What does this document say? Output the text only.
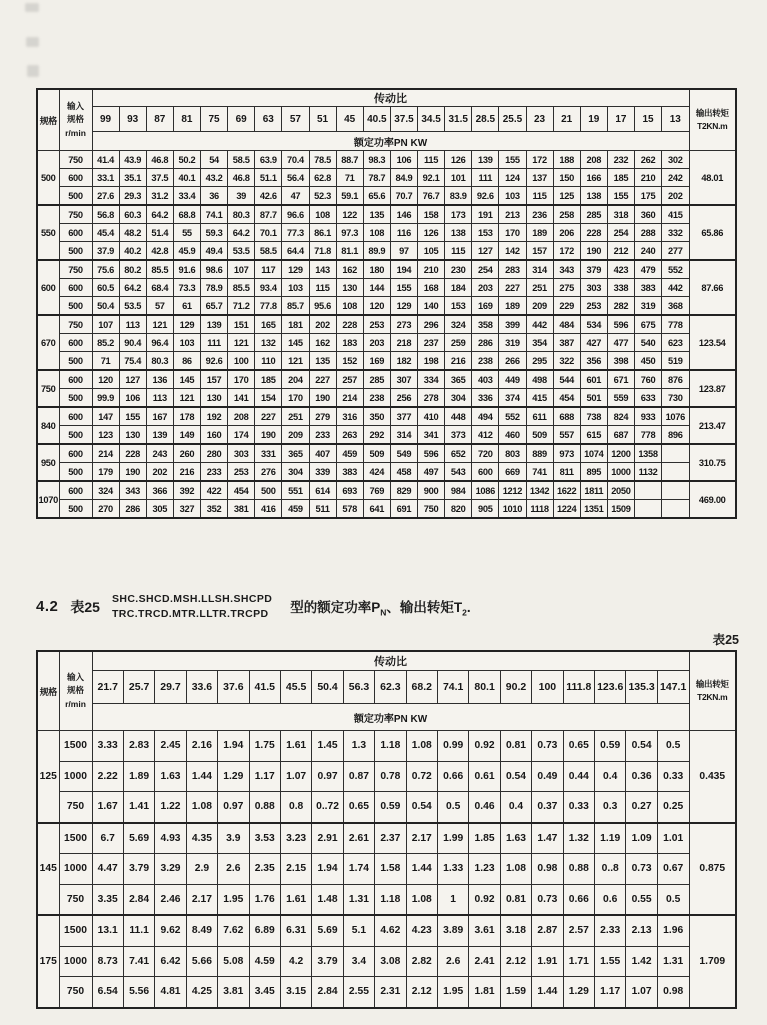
规格	
输入
规格
r/min
	传动比	
输出转矩
T2KN.m

		99	93	87	81	75	69	63	57	51	45	40.5	37.5	34.5	31.5	28.5	25.5	23	21	19	17	15	13	
		额定功率PN KW																						
500	750	41.4	43.9	46.8	50.2	54	58.5	63.9	70.4	78.5	88.7	98.3	106	115	126	139	155	172	188	208	232	262	302	48.01
	600	33.1	35.1	37.5	40.1	43.2	46.8	51.1	56.4	62.8	71	78.7	84.9	92.1	101	111	124	137	150	166	185	210	242	
	500	27.6	29.3	31.2	33.4	36	39	42.6	47	52.3	59.1	65.6	70.7	76.7	83.9	92.6	103	115	125	138	155	175	202	
550	750	56.8	60.3	64.2	68.8	74.1	80.3	87.7	96.6	108	122	135	146	158	173	191	213	236	258	285	318	360	415	65.86
	600	45.4	48.2	51.4	55	59.3	64.2	70.1	77.3	86.1	97.3	108	116	126	138	153	170	189	206	228	254	288	332	
	500	37.9	40.2	42.8	45.9	49.4	53.5	58.5	64.4	71.8	81.1	89.9	97	105	115	127	142	157	172	190	212	240	277	
600	750	75.6	80.2	85.5	91.6	98.6	107	117	129	143	162	180	194	210	230	254	283	314	343	379	423	479	552	87.66
	600	60.5	64.2	68.4	73.3	78.9	85.5	93.4	103	115	130	144	155	168	184	203	227	251	275	303	338	383	442	
	500	50.4	53.5	57	61	65.7	71.2	77.8	85.7	95.6	108	120	129	140	153	169	189	209	229	253	282	319	368	
670	750	107	113	121	129	139	151	165	181	202	228	253	273	296	324	358	399	442	484	534	596	675	778	123.54
	600	85.2	90.4	96.4	103	111	121	132	145	162	183	203	218	237	259	286	319	354	387	427	477	540	623	
	500	71	75.4	80.3	86	92.6	100	110	121	135	152	169	182	198	216	238	266	295	322	356	398	450	519	
750	600	120	127	136	145	157	170	185	204	227	257	285	307	334	365	403	449	498	544	601	671	760	876	123.87
	500	99.9	106	113	121	130	141	154	170	190	214	238	256	278	304	336	374	415	454	501	559	633	730	
840	600	147	155	167	178	192	208	227	251	279	316	350	377	410	448	494	552	611	688	738	824	933	1076	213.47
	500	123	130	139	149	160	174	190	209	233	263	292	314	341	373	412	460	509	557	615	687	778	896	
950	600	214	228	243	260	280	303	331	365	407	459	509	549	596	652	720	803	889	973	1074	1200	1358		310.75
	500	179	190	202	216	233	253	276	304	339	383	424	458	497	543	600	669	741	811	895	1000	1132		
1070	600	324	343	366	392	422	454	500	551	614	693	769	829	900	984	1086	1212	1342	1622	1811	2050			469.00
	500	270	286	305	327	352	381	416	459	511	578	641	691	750	820	905	1010	1118	1224	1351	1509			
4.2 表25 SHC.SHCD.MSH.LLSH.SHCPD
TRC.TRCD.MTR.LLTR.TRCPD 型的额定功率$P_N$、输出转矩$T_2$.
表25
规格	
输入
规格
r/min
	传动比	
输出转矩
T2KN.m

		21.7	25.7	29.7	33.6	37.6	41.5	45.5	50.4	56.3	62.3	68.2	74.1	80.1	90.2	100	111.8	123.6	135.3	147.1	
		额定功率PN KW																			
125	1500	3.33	2.83	2.45	2.16	1.94	1.75	1.61	1.45	1.3	1.18	1.08	0.99	0.92	0.81	0.73	0.65	0.59	0.54	0.5	0.435
	1000	2.22	1.89	1.63	1.44	1.29	1.17	1.07	0.97	0.87	0.78	0.72	0.66	0.61	0.54	0.49	0.44	0.4	0.36	0.33	
	750	1.67	1.41	1.22	1.08	0.97	0.88	0.8	0..72	0.65	0.59	0.54	0.5	0.46	0.4	0.37	0.33	0.3	0.27	0.25	
145	1500	6.7	5.69	4.93	4.35	3.9	3.53	3.23	2.91	2.61	2.37	2.17	1.99	1.85	1.63	1.47	1.32	1.19	1.09	1.01	0.875
	1000	4.47	3.79	3.29	2.9	2.6	2.35	2.15	1.94	1.74	1.58	1.44	1.33	1.23	1.08	0.98	0.88	0..8	0.73	0.67	
	750	3.35	2.84	2.46	2.17	1.95	1.76	1.61	1.48	1.31	1.18	1.08	1	0.92	0.81	0.73	0.66	0.6	0.55	0.5	
175	1500	13.1	11.1	9.62	8.49	7.62	6.89	6.31	5.69	5.1	4.62	4.23	3.89	3.61	3.18	2.87	2.57	2.33	2.13	1.96	1.709
	1000	8.73	7.41	6.42	5.66	5.08	4.59	4.2	3.79	3.4	3.08	2.82	2.6	2.41	2.12	1.91	1.71	1.55	1.42	1.31	
	750	6.54	5.56	4.81	4.25	3.81	3.45	3.15	2.84	2.55	2.31	2.12	1.95	1.81	1.59	1.44	1.29	1.17	1.07	0.98	
